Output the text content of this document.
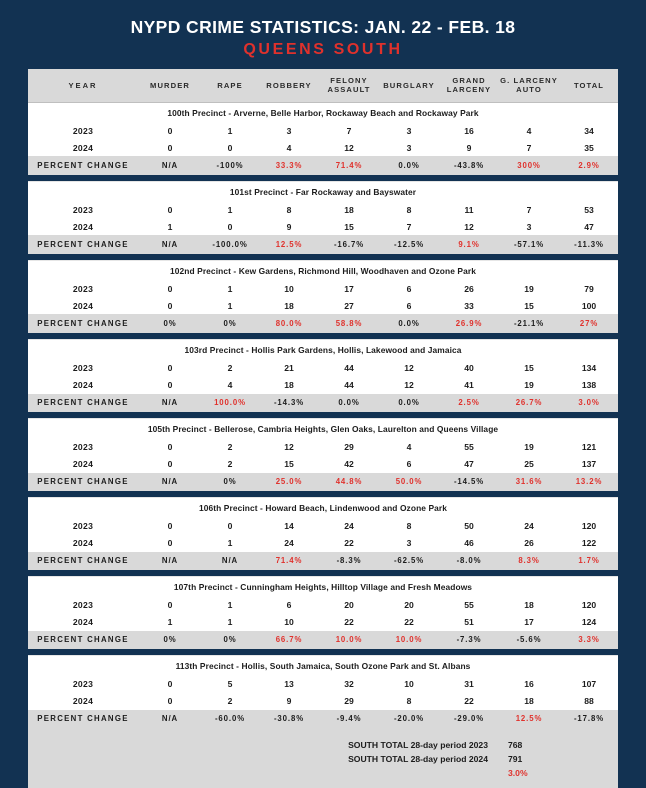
NYPD CRIME STATISTICS: JAN. 22 - FEB. 18
QUEENS SOUTH
YEAR	MURDER	RAPE	ROBBERY	FELONY ASSAULT	BURGLARY	GRAND LARCENY	G. LARCENY AUTO	TOTAL
100th Precinct - Arverne, Belle Harbor, Rockaway Beach and Rockaway Park								
2023	0	1	3	7	3	16	4	34
2024	0	0	4	12	3	9	7	35
PERCENT CHANGE	N/A	-100%	33.3%	71.4%	0.0%	-43.8%	300%	2.9%

101st Precinct - Far Rockaway and Bayswater								
2023	0	1	8	18	8	11	7	53
2024	1	0	9	15	7	12	3	47
PERCENT CHANGE	N/A	-100.0%	12.5%	-16.7%	-12.5%	9.1%	-57.1%	-11.3%

102nd Precinct - Kew Gardens, Richmond Hill, Woodhaven and Ozone Park								
2023	0	1	10	17	6	26	19	79
2024	0	1	18	27	6	33	15	100
PERCENT CHANGE	0%	0%	80.0%	58.8%	0.0%	26.9%	-21.1%	27%

103rd Precinct - Hollis Park Gardens, Hollis, Lakewood and Jamaica								
2023	0	2	21	44	12	40	15	134
2024	0	4	18	44	12	41	19	138
PERCENT CHANGE	N/A	100.0%	-14.3%	0.0%	0.0%	2.5%	26.7%	3.0%

105th Precinct - Bellerose, Cambria Heights, Glen Oaks, Laurelton and Queens Village								
2023	0	2	12	29	4	55	19	121
2024	0	2	15	42	6	47	25	137
PERCENT CHANGE	N/A	0%	25.0%	44.8%	50.0%	-14.5%	31.6%	13.2%

106th Precinct - Howard Beach, Lindenwood and Ozone Park								
2023	0	0	14	24	8	50	24	120
2024	0	1	24	22	3	46	26	122
PERCENT CHANGE	N/A	N/A	71.4%	-8.3%	-62.5%	-8.0%	8.3%	1.7%

107th Precinct - Cunningham Heights, Hilltop Village and Fresh Meadows								
2023	0	1	6	20	20	55	18	120
2024	1	1	10	22	22	51	17	124
PERCENT CHANGE	0%	0%	66.7%	10.0%	10.0%	-7.3%	-5.6%	3.3%

113th Precinct - Hollis, South Jamaica, South Ozone Park and St. Albans								
2023	0	5	13	32	10	31	16	107
2024	0	2	9	29	8	22	18	88
PERCENT CHANGE	N/A	-60.0%	-30.8%	-9.4%	-20.0%	-29.0%	12.5%	-17.8%
SOUTH TOTAL 28-day period 2023	768
SOUTH TOTAL 28-day period 2024	791
3.0%
